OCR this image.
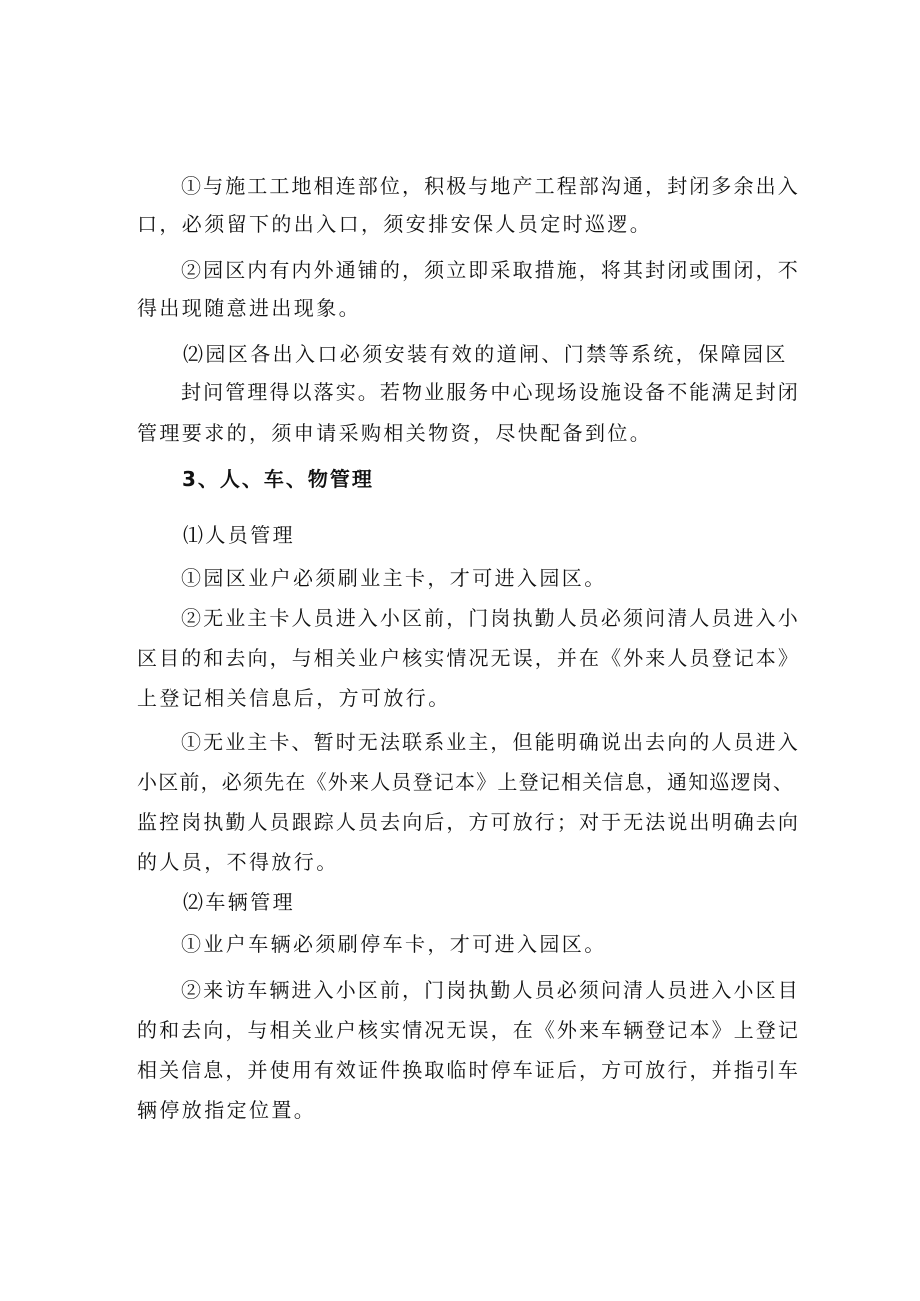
①与施工工地相连部位，积极与地产工程部沟通，封闭多余出入
口，必须留下的出入口，须安排安保人员定时巡逻。
②园区内有内外通铺的，须立即采取措施，将其封闭或围闭，不
得出现随意进出现象。
⑵园区各出入口必须安装有效的道闸、门禁等系统，保障园区
封问管理得以落实。若物业服务中心现场设施设备不能满足封闭
管理要求的，须申请采购相关物资，尽快配备到位。
3、人、车、物管理
⑴人员管理
①园区业户必须刷业主卡，才可进入园区。
②无业主卡人员进入小区前，门岗执勤人员必须问清人员进入小
区目的和去向，与相关业户核实情况无误，并在《外来人员登记本》
上登记相关信息后，方可放行。
①无业主卡、暂时无法联系业主，但能明确说出去向的人员进入
小区前，必须先在《外来人员登记本》上登记相关信息，通知巡逻岗、
监控岗执勤人员跟踪人员去向后，方可放行；对于无法说出明确去向
的人员，不得放行。
⑵车辆管理
①业户车辆必须刷停车卡，才可进入园区。
②来访车辆进入小区前，门岗执勤人员必须问清人员进入小区目
的和去向，与相关业户核实情况无误，在《外来车辆登记本》上登记
相关信息，并使用有效证件换取临时停车证后，方可放行，并指引车
辆停放指定位置。
